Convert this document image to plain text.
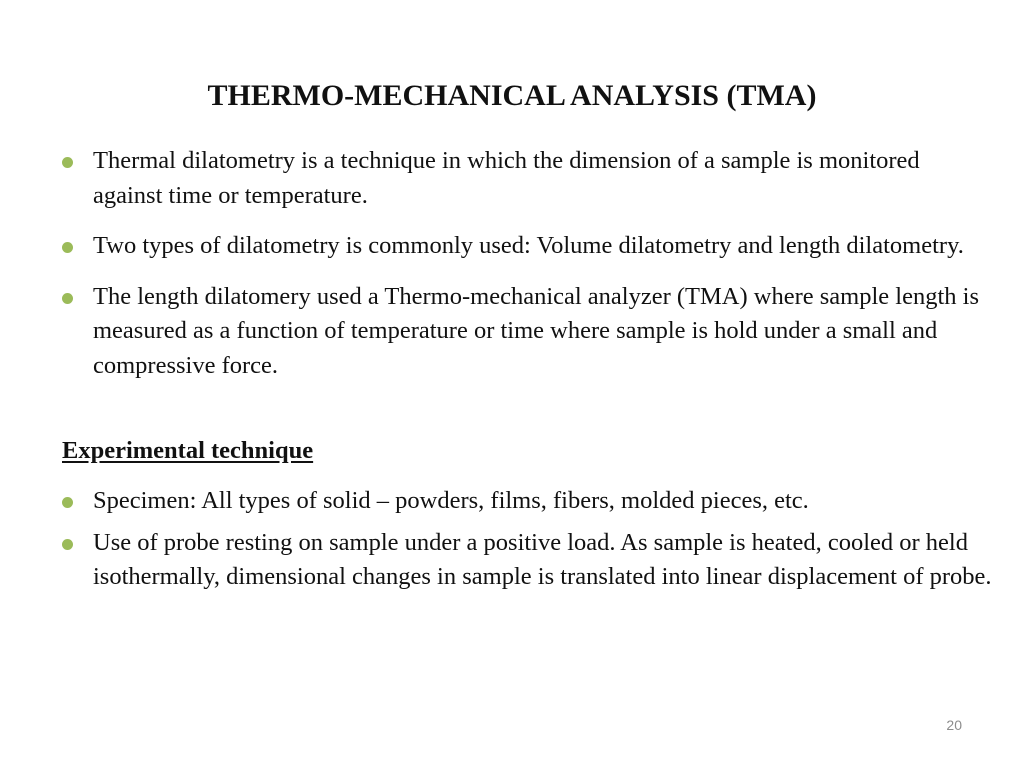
THERMO-MECHANICAL ANALYSIS (TMA)
Thermal dilatometry is a technique in which the dimension of a sample is monitored against time or temperature.
Two types of dilatometry is commonly used: Volume dilatometry and length dilatometry.
The length dilatomery used a Thermo-mechanical analyzer (TMA) where sample length is measured as a function of temperature or time where sample is hold under a small and compressive force.
Experimental technique
Specimen: All types of solid – powders, films, fibers, molded pieces, etc.
Use of probe resting on sample under a positive load. As sample is heated, cooled or held isothermally, dimensional changes in sample is translated into linear displacement of probe.
20
